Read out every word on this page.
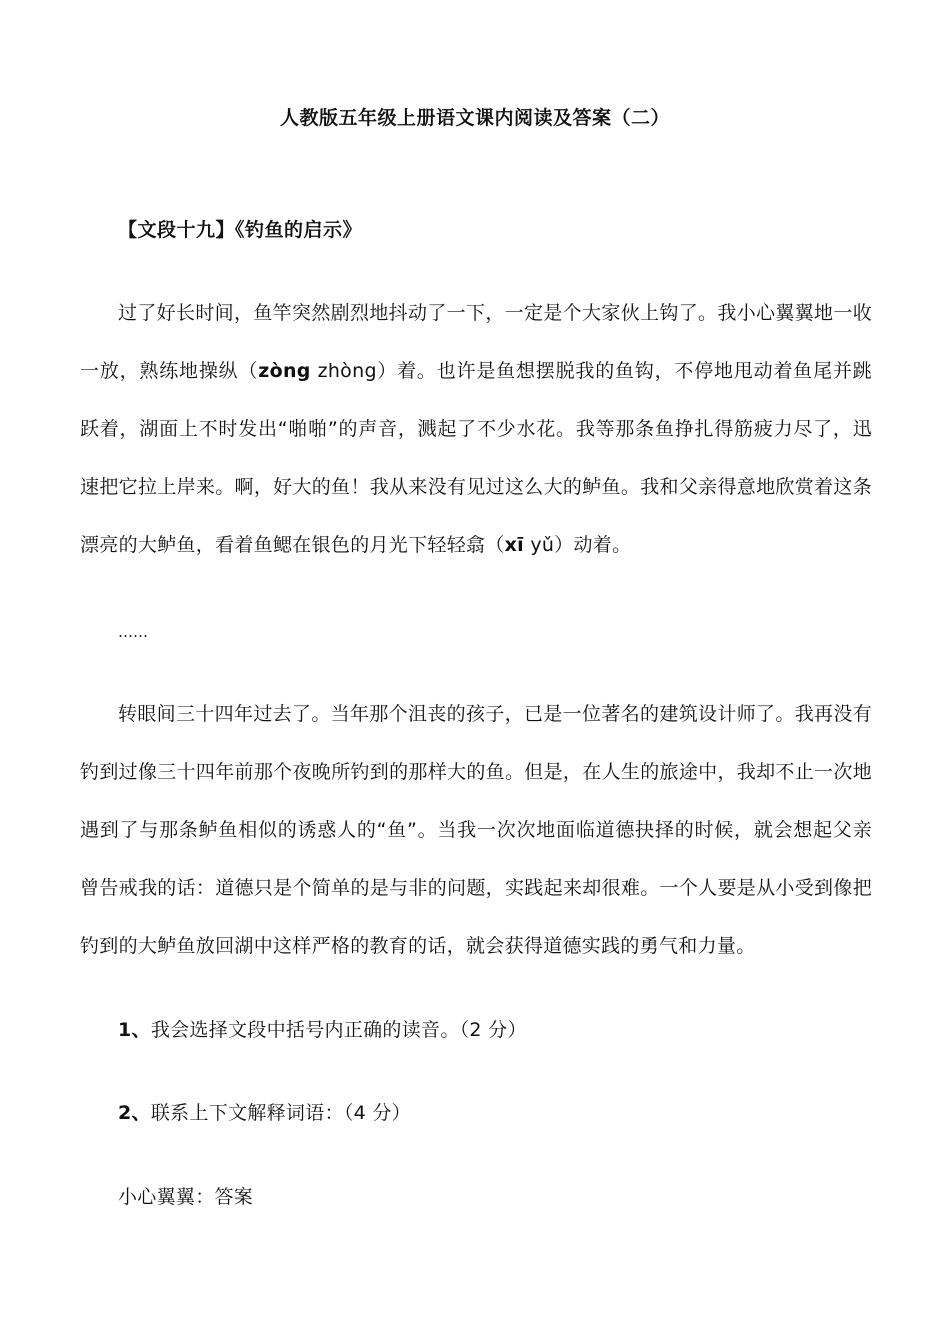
人教版五年级上册语文课内阅读及答案（二）
【文段十九】《钓鱼的启示》

过了好长时间，鱼竿突然剧烈地抖动了一下，一定是个大家伙上钩了。我小心翼翼地一收一放，熟练地操纵（zòng zhòng）着。也许是鱼想摆脱我的鱼钩，不停地甩动着鱼尾并跳跃着，湖面上不时发出“啪啪”的声音，溅起了不少水花。我等那条鱼挣扎得筋疲力尽了，迅速把它拉上岸来。啊，好大的鱼！我从来没有见过这么大的鲈鱼。我和父亲得意地欣赏着这条漂亮的大鲈鱼，看着鱼鳃在银色的月光下轻轻翕（xī yǔ）动着。

……

转眼间三十四年过去了。当年那个沮丧的孩子，已是一位著名的建筑设计师了。我再没有钓到过像三十四年前那个夜晚所钓到的那样大的鱼。但是，在人生的旅途中，我却不止一次地遇到了与那条鲈鱼相似的诱惑人的“鱼”。当我一次次地面临道德抉择的时候，就会想起父亲曾告戒我的话：道德只是个简单的是与非的问题，实践起来却很难。一个人要是从小受到像把钓到的大鲈鱼放回湖中这样严格的教育的话，就会获得道德实践的勇气和力量。

1、我会选择文段中括号内正确的读音。（2 分）
2、联系上下文解释词语：（4 分）
小心翼翼：答案
